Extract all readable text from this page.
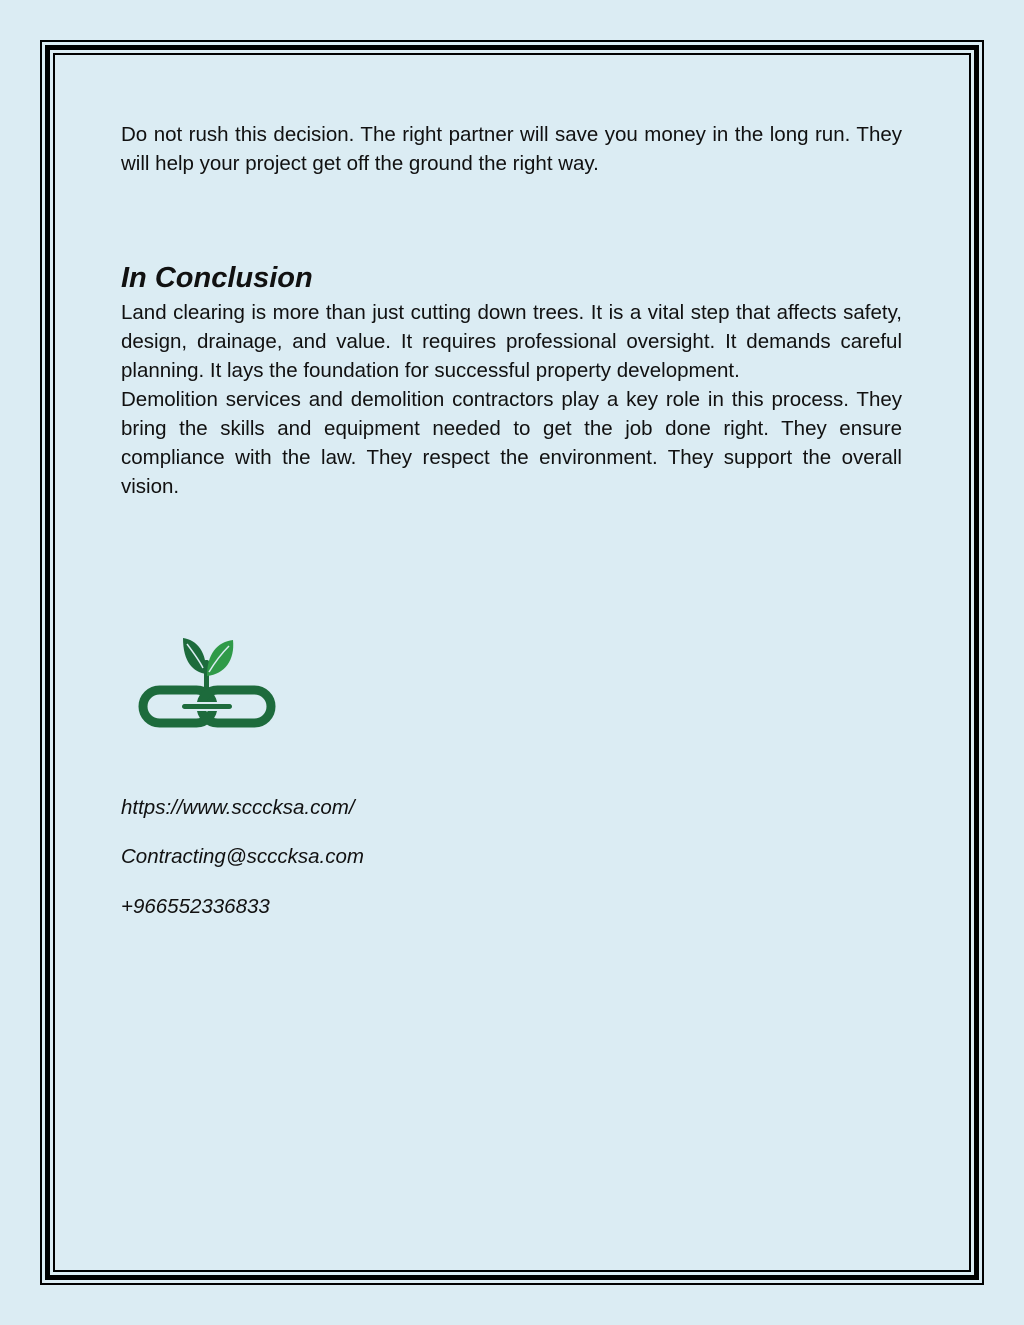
Do not rush this decision. The right partner will save you money in the long run. They will help your project get off the ground the right way.

In Conclusion

Land clearing is more than just cutting down trees. It is a vital step that affects safety, design, drainage, and value. It requires professional oversight. It demands careful planning. It lays the foundation for successful property development.

Demolition services and demolition contractors play a key role in this process. They bring the skills and equipment needed to get the job done right. They ensure compliance with the law. They respect the environment. They support the overall vision.

https://www.scccksa.com/

Contracting@scccksa.com

+966552336833
